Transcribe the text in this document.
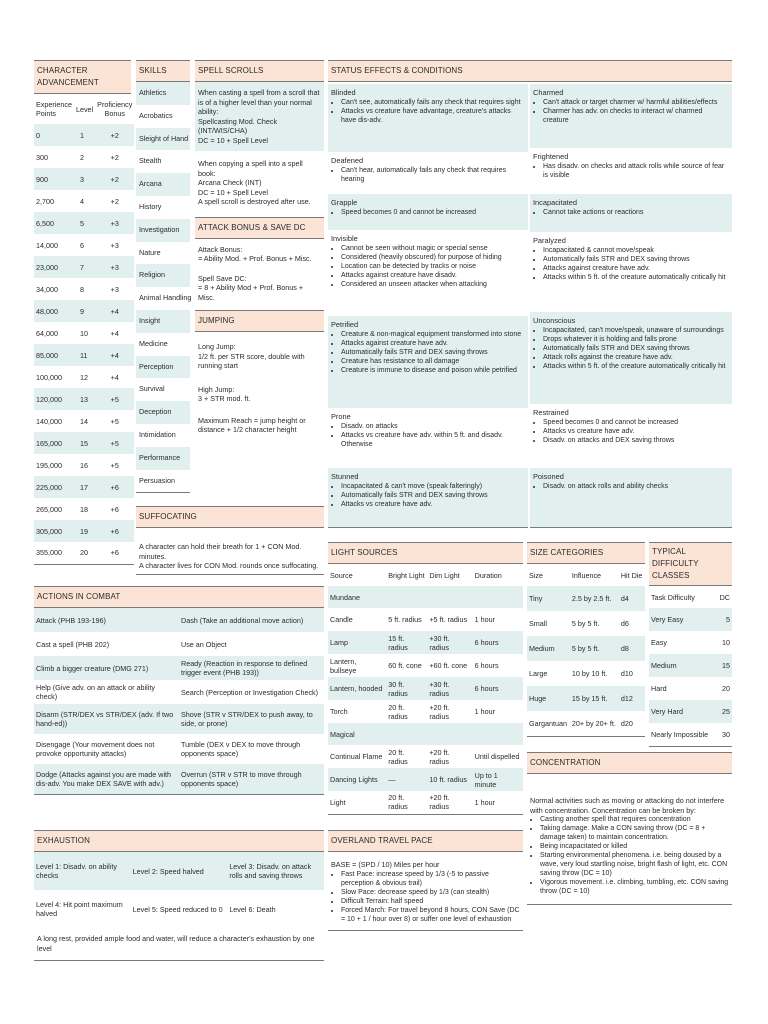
CHARACTER ADVANCEMENT
Experience Points	Level	Proficiency Bonus
0	1	+2
300	2	+2
900	3	+2
2,700	4	+2
6,500	5	+3
14,000	6	+3
23,000	7	+3
34,000	8	+3
48,000	9	+4
64,000	10	+4
85,000	11	+4
100,000	12	+4
120,000	13	+5
140,000	14	+5
165,000	15	+5
195,000	16	+5
225,000	17	+6
265,000	18	+6
305,000	19	+6
355,000	20	+6
SKILLS
Athletics
Acrobatics
Sleight of Hand
Stealth
Arcana
History
Investigation
Nature
Religion
Animal Handling
Insight
Medicine
Perception
Survival
Deception
Intimidation
Performance
Persuasion
SPELL SCROLLS
When casting a spell from a scroll that is of a higher level than your normal ability:
Spellcasting Mod. Check (INT/WIS/CHA)
DC = 10 + Spell Level
When copying a spell into a spell book:
Arcana Check (INT)
DC = 10 + Spell Level
A spell scroll is destroyed after use.
ATTACK BONUS & SAVE DC
Attack Bonus:
= Ability Mod. + Prof. Bonus + Misc.
Spell Save DC:
= 8 + Ability Mod + Prof. Bonus + Misc.
JUMPING
Long Jump:
1/2 ft. per STR score, double with running start
High Jump:
3 + STR mod. ft.
Maximum Reach = jump height or distance + 1/2 character height
SUFFOCATING
A character can hold their breath for 1 + CON Mod. minutes.
A character lives for CON Mod. rounds once suffocating.
STATUS EFFECTS & CONDITIONS
Blinded
• Can't see, automatically fails any check that requires sight
• Attacks vs creature have advantage, creature's attacks have dis-adv.
Deafened
• Can't hear, automatically fails any check that requires hearing
Grapple
• Speed becomes 0 and cannot be increased
Invisible
• Cannot be seen without magic or special sense
• Considered (heavily obscured) for purpose of hiding
• Location can be detected by tracks or noise
• Attacks against creature have disadv.
• Considered an unseen attacker when attacking
Petrified
• Creature & non-magical equipment transformed into stone
• Attacks against creature have adv.
• Automatically fails STR and DEX saving throws
• Creature has resistance to all damage
• Creature is immune to disease and poison while petrified
Prone
• Disadv. on attacks
• Attacks vs creature have adv. within 5 ft. and disadv. Otherwise
Stunned
• Incapacitated & can't move (speak falteringly)
• Automatically fails STR and DEX saving throws
• Attacks vs creature have adv.
Charmed
• Can't attack or target charmer w/ harmful abilities/effects
• Charmer has adv. on checks to interact w/ charmed creature
Frightened
• Has disadv. on checks and attack rolls while source of fear is visible
Incapacitated
• Cannot take actions or reactions
Paralyzed
• Incapacitated & cannot move/speak
• Automatically fails STR and DEX saving throws
• Attacks against creature have adv.
• Attacks within 5 ft. of the creature automatically critically hit
Unconscious
• Incapacitated, can't move/speak, unaware of surroundings
• Drops whatever it is holding and falls prone
• Automatically fails STR and DEX saving throws
• Attack rolls against the creature have adv.
• Attacks within 5 ft. of the creature automatically critically hit
Restrained
• Speed becomes 0 and cannot be increased
• Attacks vs creature have adv.
• Disadv. on attacks and DEX saving throws
Poisoned
• Disadv. on attack rolls and ability checks
ACTIONS IN COMBAT
Attack (PHB 193-196)	Dash (Take an additional move action)
Cast a spell (PHB 202)	Use an Object
Climb a bigger creature (DMG 271)	Ready (Reaction in response to defined trigger event (PHB 193))
Help (Give adv. on an attack or ability check)	Search (Perception or Investigation Check)
Disarm (STR/DEX vs STR/DEX (adv. If two hand-ed))	Shove (STR v STR/DEX to push away, to side, or prone)
Disengage (Your movement does not provoke opportunity attacks)	Tumble (DEX v DEX to move through opponents space)
Dodge (Attacks against you are made with dis-adv. You make DEX SAVE with adv.)	Overrun (STR v STR to move through opponents space)
EXHAUSTION
Level 1: Disadv. on ability checks	Level 2: Speed halved	Level 3: Disadv. on attack rolls and saving throws
Level 4: Hit point maximum halved	Level 5: Speed reduced to 0	Level 6: Death
A long rest, provided ample food and water, will reduce a character's exhaustion by one level
LIGHT SOURCES
Source	Bright Light	Dim Light	Duration
Mundane			
Candle	5 ft. radius	+5 ft. radius	1 hour
Lamp	15 ft. radius	+30 ft. radius	6 hours
Lantern, bullseye	60 ft. cone	+60 ft. cone	6 hours
Lantern, hooded	30 ft. radius	+30 ft. radius	6 hours
Torch	20 ft. radius	+20 ft. radius	1 hour
Magical			
Continual Flame	20 ft. radius	+20 ft. radius	Until dispelled
Dancing Lights	—	10 ft. radius	Up to 1 minute
Light	20 ft. radius	+20 ft. radius	1 hour
OVERLAND TRAVEL PACE
BASE = (SPD / 10) Miles per hour
• Fast Pace: increase speed by 1/3 (-5 to passive perception & obvious trail)
• Slow Pace: decrease speed by 1/3 (can stealth)
• Difficult Terrain: half speed
• Forced March: For travel beyond 8 hours, CON Save (DC = 10 + 1 / hour over 8) or suffer one level of exhaustion
SIZE CATEGORIES
Size	Influence	Hit Die
Tiny	2.5 by 2.5 ft.	d4
Small	5 by 5 ft.	d6
Medium	5 by 5 ft.	d8
Large	10 by 10 ft.	d10
Huge	15 by 15 ft.	d12
Gargantuan	20+ by 20+ ft.	d20
TYPICAL DIFFICULTY CLASSES
Task Difficulty	DC
Very Easy	5
Easy	10
Medium	15
Hard	20
Very Hard	25
Nearly Impossible	30
CONCENTRATION
Normal activities such as moving or attacking do not interfere with concentration. Concentration can be broken by:
• Casting another spell that requires concentration
• Taking damage. Make a CON saving throw (DC = 8 + damage taken) to maintain concentration.
• Being incapacitated or killed
• Starting environmental phenomena. i.e. being doused by a wave, very loud startling noise, bright flash of light, etc. CON saving throw (DC = 10)
• Vigorous movement. i.e. climbing, tumbling, etc. CON saving throw (DC = 10)
